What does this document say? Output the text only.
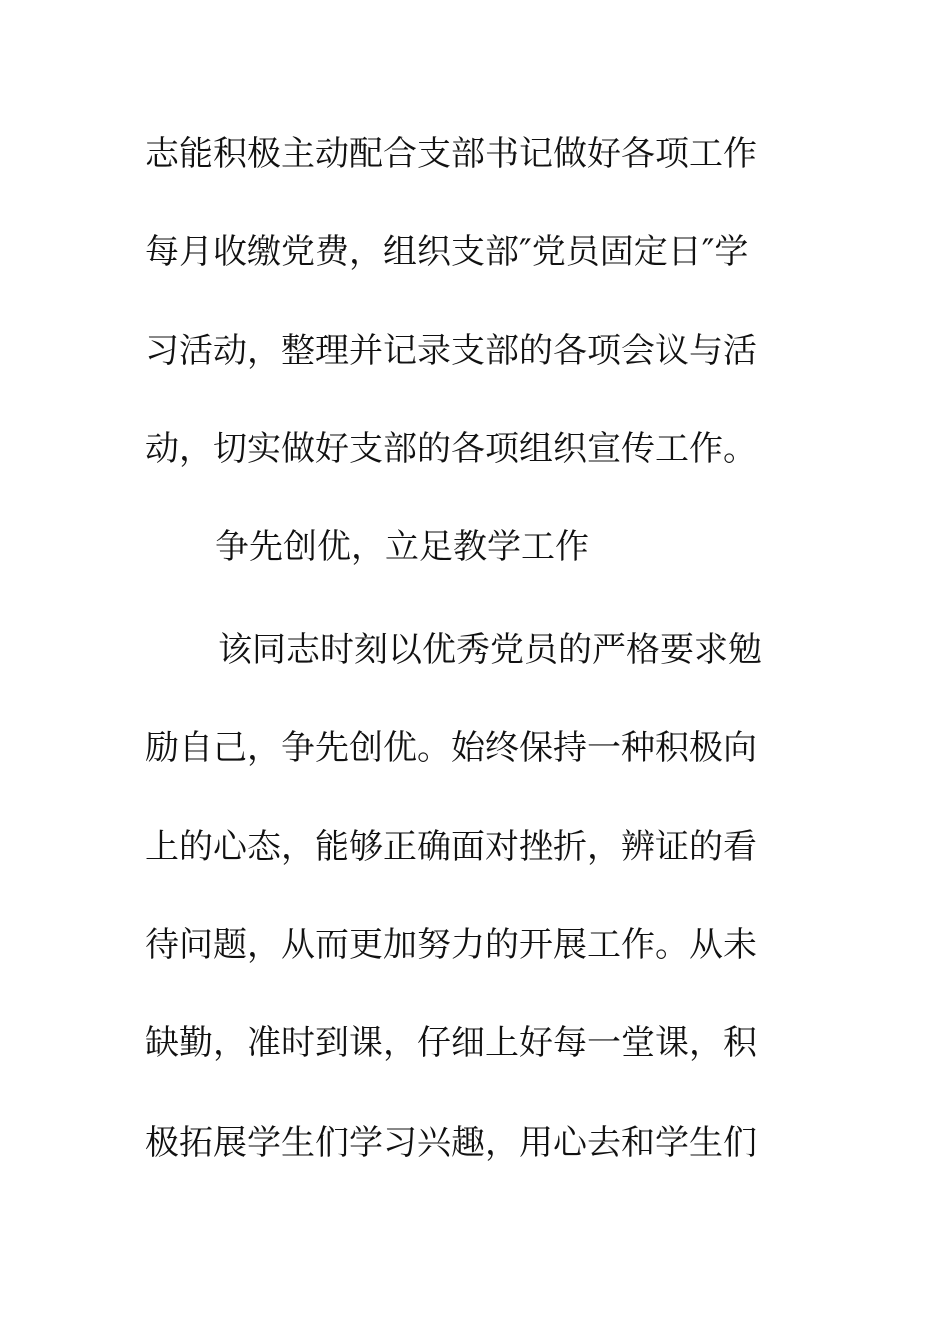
志能积极主动配合支部书记做好各项工作
每月收缴党费，组织支部″党员固定日″学
习活动，整理并记录支部的各项会议与活
动，切实做好支部的各项组织宣传工作。
争先创优，立足教学工作
该同志时刻以优秀党员的严格要求勉
励自己，争先创优。始终保持一种积极向
上的心态，能够正确面对挫折，辨证的看
待问题，从而更加努力的开展工作。从未
缺勤，准时到课，仔细上好每一堂课，积
极拓展学生们学习兴趣，用心去和学生们
